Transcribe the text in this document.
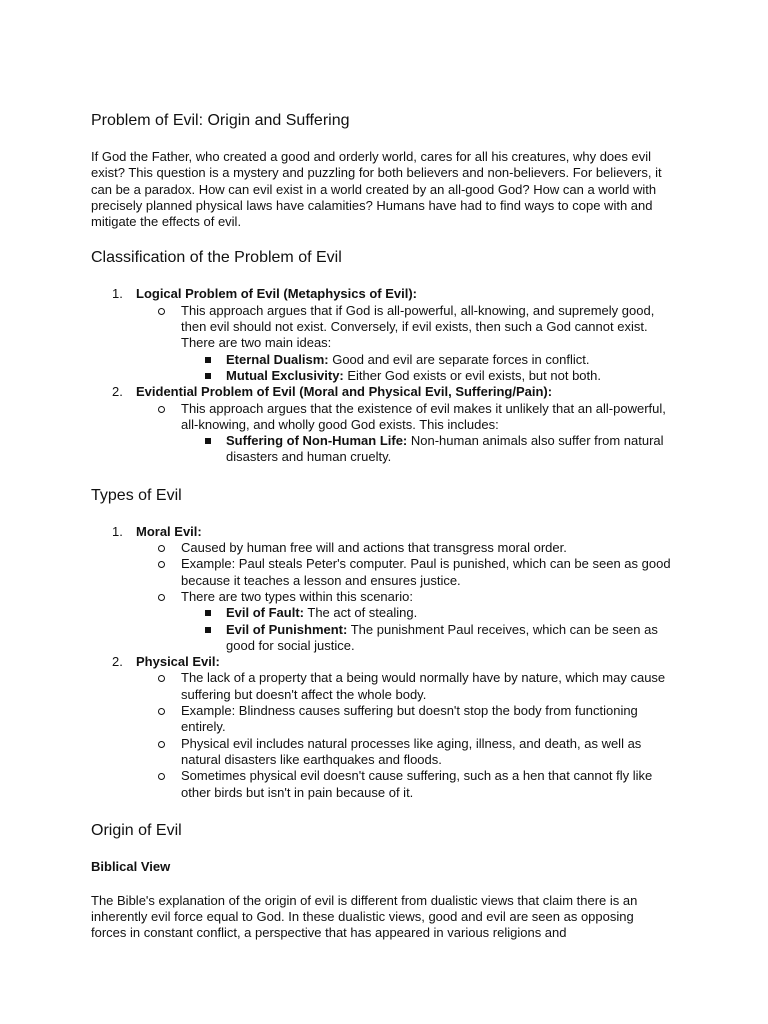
Problem of Evil: Origin and Suffering

If God the Father, who created a good and orderly world, cares for all his creatures, why does evil exist? This question is a mystery and puzzling for both believers and non-believers. For believers, it can be a paradox. How can evil exist in a world created by an all-good God? How can a world with precisely planned physical laws have calamities? Humans have had to find ways to cope with and mitigate the effects of evil.

Classification of the Problem of Evil
1. Logical Problem of Evil (Metaphysics of Evil):
This approach argues that if God is all-powerful, all-knowing, and supremely good, then evil should not exist. Conversely, if evil exists, then such a God cannot exist. There are two main ideas:
Eternal Dualism: Good and evil are separate forces in conflict.
Mutual Exclusivity: Either God exists or evil exists, but not both.
2. Evidential Problem of Evil (Moral and Physical Evil, Suffering/Pain):
This approach argues that the existence of evil makes it unlikely that an all-powerful, all-knowing, and wholly good God exists. This includes:
Suffering of Non-Human Life: Non-human animals also suffer from natural disasters and human cruelty.
Types of Evil
1. Moral Evil:
Caused by human free will and actions that transgress moral order.
Example: Paul steals Peter's computer. Paul is punished, which can be seen as good because it teaches a lesson and ensures justice.
There are two types within this scenario:
Evil of Fault: The act of stealing.
Evil of Punishment: The punishment Paul receives, which can be seen as good for social justice.
2. Physical Evil:
The lack of a property that a being would normally have by nature, which may cause suffering but doesn't affect the whole body.
Example: Blindness causes suffering but doesn't stop the body from functioning entirely.
Physical evil includes natural processes like aging, illness, and death, as well as natural disasters like earthquakes and floods.
Sometimes physical evil doesn't cause suffering, such as a hen that cannot fly like other birds but isn't in pain because of it.
Origin of Evil
Biblical View

The Bible's explanation of the origin of evil is different from dualistic views that claim there is an inherently evil force equal to God. In these dualistic views, good and evil are seen as opposing forces in constant conflict, a perspective that has appeared in various religions and
